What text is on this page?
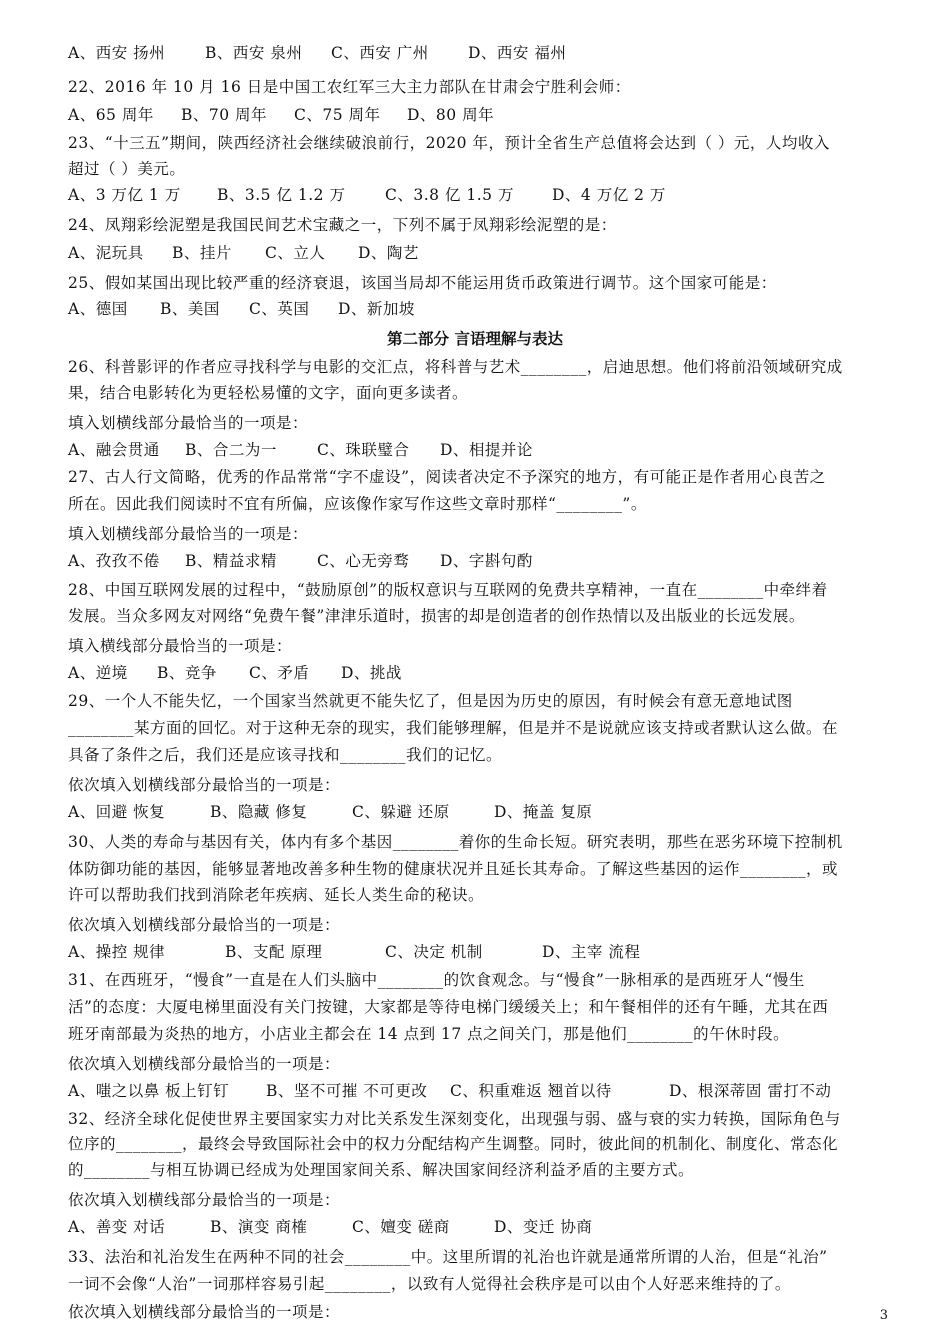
A、西安 扬州	B、西安 泉州 C、西安 广州	D、西安 福州
22、2016 年 10 月 16 日是中国工农红军三大主力部队在甘肃会宁胜利会师：
A、65 周年 B、70 周年 C、75 周年 D、80 周年
23、“十三五”期间，陕西经济社会继续破浪前行，2020 年，预计全省生产总值将会达到（ ）元，人均收入
超过（ ）美元。
A、3 万亿 1 万 B、3.5 亿 1.2 万	C、3.8 亿 1.5 万 D、4 万亿 2 万
24、凤翔彩绘泥塑是我国民间艺术宝藏之一，下列不属于凤翔彩绘泥塑的是：
A、泥玩具 B、挂片 C、立人 D、陶艺
25、假如某国出现比较严重的经济衰退，该国当局却不能运用货币政策进行调节。这个国家可能是：
A、德国 B、美国 C、英国 D、新加坡
第二部分 言语理解与表达
26、科普影评的作者应寻找科学与电影的交汇点，将科普与艺术________，启迪思想。他们将前沿领域研究成
果，结合电影转化为更轻松易懂的文字，面向更多读者。
填入划横线部分最恰当的一项是：
A、融会贯通 B、合二为一	C、珠联璧合 D、相提并论
27、古人行文简略，优秀的作品常常“字不虚设”，阅读者决定不予深究的地方，有可能正是作者用心良苦之
所在。因此我们阅读时不宜有所偏，应该像作家写作这些文章时那样“________”。
填入划横线部分最恰当的一项是：
A、孜孜不倦 B、精益求精	C、心无旁骛 D、字斟句酌
28、中国互联网发展的过程中，“鼓励原创”的版权意识与互联网的免费共享精神，一直在________中牵绊着
发展。当众多网友对网络“免费午餐”津津乐道时，损害的却是创造者的创作热情以及出版业的长远发展。
填入横线部分最恰当的一项是：
A、逆境 B、竞争 C、矛盾 D、挑战
29、一个人不能失忆，一个国家当然就更不能失忆了，但是因为历史的原因，有时候会有意无意地试图
________某方面的回忆。对于这种无奈的现实，我们能够理解，但是并不是说就应该支持或者默认这么做。在
具备了条件之后，我们还是应该寻找和________我们的记忆。
依次填入划横线部分最恰当的一项是：
A、回避 恢复	B、隐藏 修复	C、躲避 还原	D、掩盖 复原
30、人类的寿命与基因有关，体内有多个基因________着你的生命长短。研究表明，那些在恶劣环境下控制机
体防御功能的基因，能够显著地改善多种生物的健康状况并且延长其寿命。了解这些基因的运作________，或
许可以帮助我们找到消除老年疾病、延长人类生命的秘诀。
依次填入划横线部分最恰当的一项是：
A、操控 规律	B、支配 原理	C、决定 机制	D、主宰 流程
31、在西班牙，“慢食”一直是在人们头脑中________的饮食观念。与“慢食”一脉相承的是西班牙人“慢生
活”的态度：大厦电梯里面没有关门按键，大家都是等待电梯门缓缓关上；和午餐相伴的还有午睡，尤其在西
班牙南部最为炎热的地方，小店业主都会在 14 点到 17 点之间关门，那是他们________的午休时段。
依次填入划横线部分最恰当的一项是：
A、嗤之以鼻 板上钉钉 B、坚不可摧 不可更改 C、积重难返 翘首以待	D、根深蒂固 雷打不动
32、经济全球化促使世界主要国家实力对比关系发生深刻变化，出现强与弱、盛与衰的实力转换，国际角色与
位序的________，最终会导致国际社会中的权力分配结构产生调整。同时，彼此间的机制化、制度化、常态化
的________与相互协调已经成为处理国家间关系、解决国家间经济利益矛盾的主要方式。
依次填入划横线部分最恰当的一项是：
A、善变 对话	B、演变 商榷	C、嬗变 磋商	D、变迁 协商
33、法治和礼治发生在两种不同的社会________中。这里所谓的礼治也许就是通常所谓的人治，但是“礼治”
一词不会像“人治”一词那样容易引起________，以致有人觉得社会秩序是可以由个人好恶来维持的了。
依次填入划横线部分最恰当的一项是：	3
